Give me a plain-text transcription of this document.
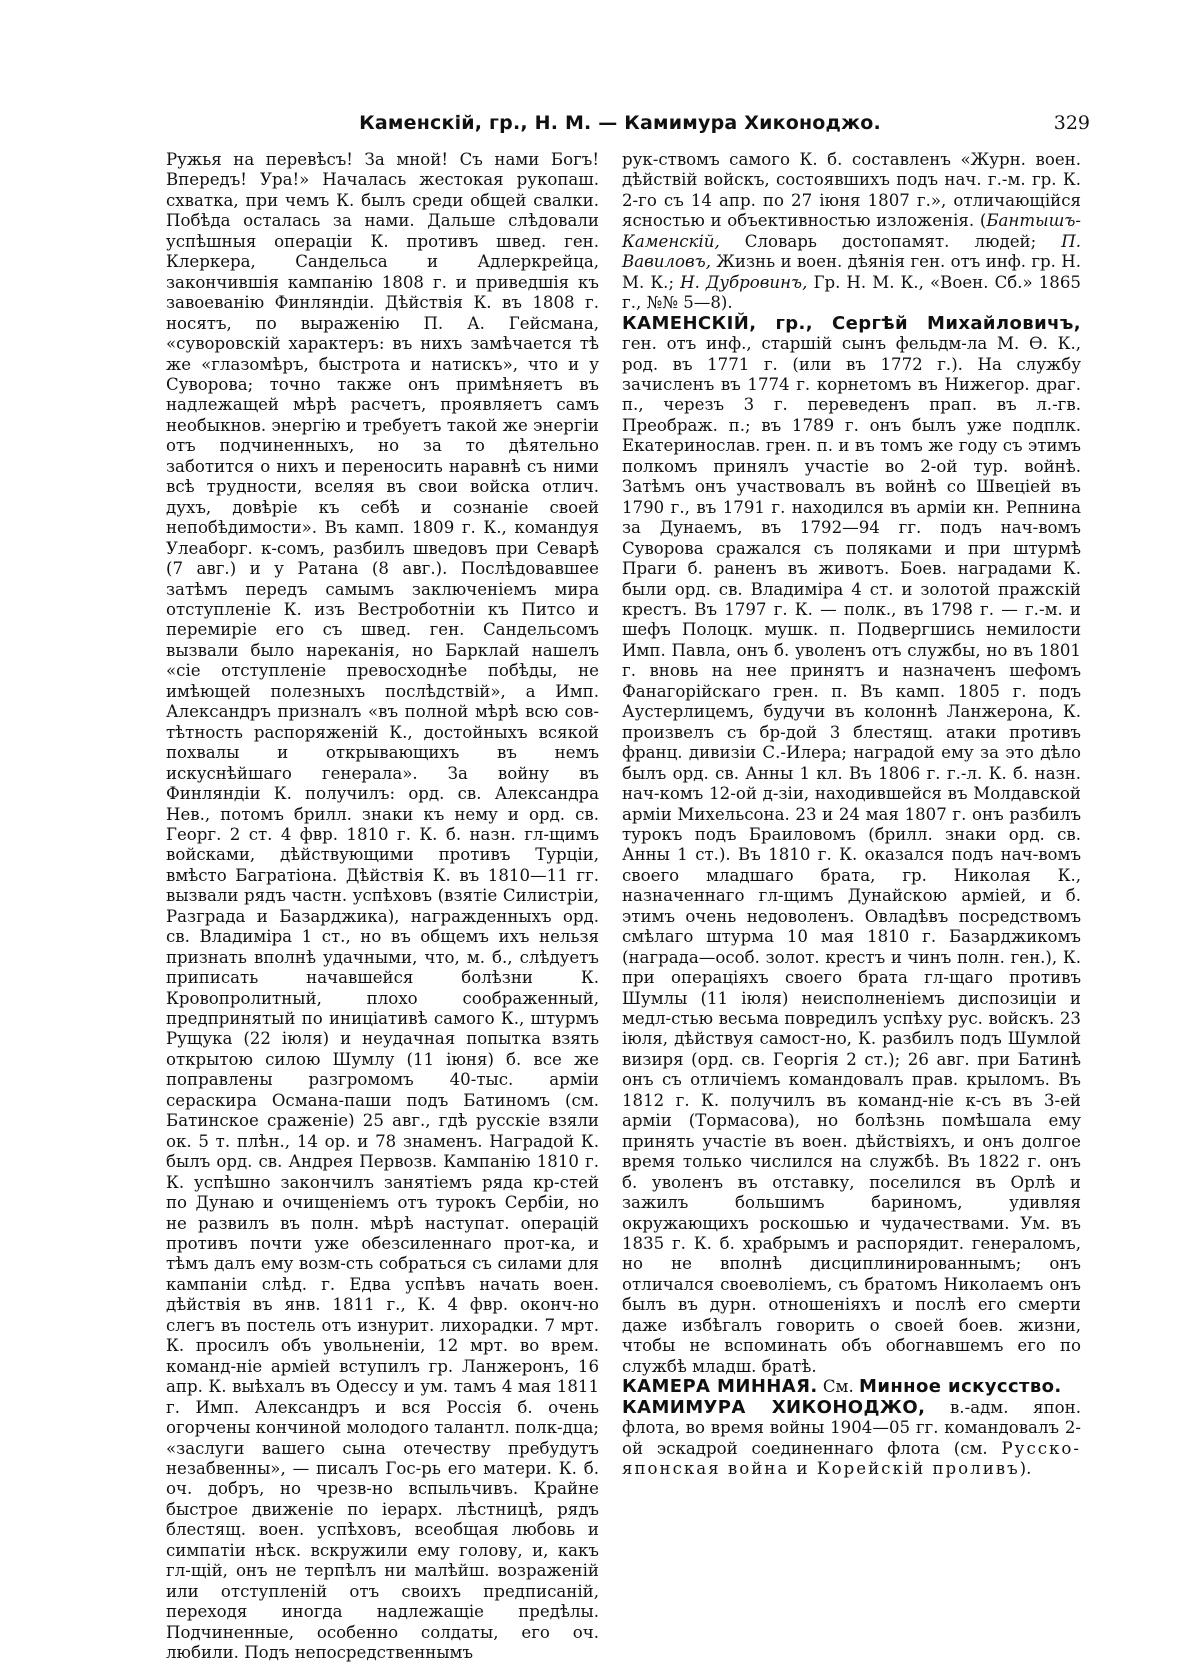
Каменскій, гр., Н. М. — Камимура Хиконоджо.	329

Ружья на перевѣсъ! За мной! Съ нами Богъ! Впередъ! Ура!» Началась жестокая рукопаш. схватка, при чемъ К. былъ среди общей свалки. Побѣда осталась за нами. Дальше слѣдовали успѣшныя операціи К. противъ швед. ген. Клеркера, Сандельса и Адлеркрейца, закончившія кампанію 1808 г. и приведшія къ завоеванію Финляндіи. Дѣйствія К. въ 1808 г. носятъ, по выраженію П. А. Гейсмана, «суворовскій характеръ: въ нихъ замѣчается тѣ же «глазомѣръ, быстрота и натискъ», что и у Суворова; точно также онъ примѣняетъ въ надлежащей мѣрѣ расчетъ, проявляетъ самъ необыкнов. энергію и требуетъ такой же энергіи отъ подчиненныхъ, но за то дѣятельно заботится о нихъ и переносить наравнѣ съ ними всѣ трудности, вселяя въ свои войска отлич. духъ, довѣріе къ себѣ и сознаніе своей непобѣдимости». Въ камп. 1809 г. К., командуя Улеаборг. к-сомъ, разбилъ шведовъ при Севарѣ (7 авг.) и у Ратана (8 авг.). Послѣдовавшее затѣмъ передъ самымъ заключеніемъ мира отступленіе К. изъ Вестроботніи къ Питсо и перемиріе его съ швед. ген. Сандельсомъ вызвали было нареканія, но Барклай нашелъ «сіе отступленіе превосходнѣе побѣды, не имѣющей полезныхъ послѣдствій», а Имп. Александръ призналъ «въ полной мѣрѣ всю сов-тѣтность распоряженій К., достойныхъ всякой похвалы и открывающихъ въ немъ искуснѣйшаго генерала». За войну въ Финляндіи К. получилъ: орд. св. Александра Нев., потомъ брилл. знаки къ нему и орд. св. Георг. 2 ст. 4 фвр. 1810 г. К. б. назн. гл-щимъ войсками, дѣйствующими противъ Турціи, вмѣсто Багратіона. Дѣйствія К. въ 1810—11 гг. вызвали рядъ частн. успѣховъ (взятіе Силистріи, Разграда и Базарджика), награжденныхъ орд. св. Владиміра 1 ст., но въ общемъ ихъ нельзя признать вполнѣ удачными, что, м. б., слѣдуетъ приписать начавшейся болѣзни К. Кровопролитный, плохо соображенный, предпринятый по иниціативѣ самого К., штурмъ Рущука (22 іюля) и неудачная попытка взять открытою силою Шумлу (11 іюня) б. все же поправлены разгромомъ 40-тыс. арміи сераскира Османа-паши подъ Батиномъ (см. Батинское сраженіе) 25 авг., гдѣ русскіе взяли ок. 5 т. плѣн., 14 ор. и 78 знаменъ. Наградой К. былъ орд. св. Андрея Первозв. Кампанію 1810 г. К. успѣшно закончилъ занятіемъ ряда кр-стей по Дунаю и очищеніемъ отъ турокъ Сербіи, но не развилъ въ полн. мѣрѣ наступат. операцій противъ почти уже обезсиленнаго прот-ка, и тѣмъ далъ ему возм-сть собраться съ силами для кампаніи слѣд. г. Едва успѣвъ начать воен. дѣйствія въ янв. 1811 г., К. 4 фвр. оконч-но слегъ въ постель отъ изнурит. лихорадки. 7 мрт. К. просилъ объ увольненіи, 12 мрт. во врем. команд-ніе арміей вступилъ гр. Ланжеронъ, 16 апр. К. выѣхалъ въ Одессу и ум. тамъ 4 мая 1811 г. Имп. Александръ и вся Россія б. очень огорчены кончиной молодого талантл. полк-дца; «заслуги вашего сына отечеству пребудутъ незабвенны», — писалъ Гос-рь его матери. К. б. оч. добръ, но чрезв-но вспыльчивъ. Крайне быстрое движеніе по іерарх. лѣстницѣ, рядъ блестящ. воен. успѣховъ, всеобщая любовь и симпатіи нѣск. вскружили ему голову, и, какъ гл-щій, онъ не терпѣлъ ни малѣйш. возраженій или отступленій отъ своихъ предписаній, переходя иногда надлежащіе предѣлы. Подчиненные, особенно солдаты, его оч. любили. Подъ непосредственнымъ

рук-ствомъ самого К. б. составленъ «Журн. воен. дѣйствій войскъ, состоявшихъ подъ нач. г.-м. гр. К. 2-го съ 14 апр. по 27 іюня 1807 г.», отличающійся ясностью и объективностью изложенія. (Бантышъ-Каменскій, Словарь достопамят. людей; П. Вавиловъ, Жизнь и воен. дѣянія ген. отъ инф. гр. Н. М. К.; Н. Дубровинъ, Гр. Н. М. К., «Воен. Сб.» 1865 г., №№ 5—8).

КАМЕНСКІЙ, гр., Сергѣй Михайловичъ, ген. отъ инф., старшій сынъ фельдм-ла М. Ѳ. К., род. въ 1771 г. (или въ 1772 г.). На службу зачисленъ въ 1774 г. корнетомъ въ Нижегор. драг. п., черезъ 3 г. переведенъ прап. въ л.-гв. Преображ. п.; въ 1789 г. онъ былъ уже подплк. Екатеринослав. грен. п. и въ томъ же году съ этимъ полкомъ принялъ участіе во 2-ой тур. войнѣ. Затѣмъ онъ участвовалъ въ войнѣ со Швеціей въ 1790 г., въ 1791 г. находился въ арміи кн. Репнина за Дунаемъ, въ 1792—94 гг. подъ нач-вомъ Суворова сражался съ поляками и при штурмѣ Праги б. раненъ въ животъ. Боев. наградами К. были орд. св. Владиміра 4 ст. и золотой пражскій крестъ. Въ 1797 г. К. — полк., въ 1798 г. — г.-м. и шефъ Полоцк. мушк. п. Подвергшись немилости Имп. Павла, онъ б. уволенъ отъ службы, но въ 1801 г. вновь на нее принятъ и назначенъ шефомъ Фанагорійскаго грен. п. Въ камп. 1805 г. подъ Аустерлицемъ, будучи въ колоннѣ Ланжерона, К. произвелъ съ бр-дой 3 блестящ. атаки противъ франц. дивизіи С.-Илера; наградой ему за это дѣло былъ орд. св. Анны 1 кл. Въ 1806 г. г.-л. К. б. назн. нач-комъ 12-ой д-зіи, находившейся въ Молдавской арміи Михельсона. 23 и 24 мая 1807 г. онъ разбилъ турокъ подъ Браиловомъ (брилл. знаки орд. св. Анны 1 ст.). Въ 1810 г. К. оказался подъ нач-вомъ своего младшаго брата, гр. Николая К., назначеннаго гл-щимъ Дунайскою арміей, и б. этимъ очень недоволенъ. Овладѣвъ посредствомъ смѣлаго штурма 10 мая 1810 г. Базарджикомъ (награда—особ. золот. крестъ и чинъ полн. ген.), К. при операціяхъ своего брата гл-щаго противъ Шумлы (11 іюля) неисполненіемъ диспозиціи и медл-стью весьма повредилъ успѣху рус. войскъ. 23 іюля, дѣйствуя самост-но, К. разбилъ подъ Шумлой визиря (орд. св. Георгія 2 ст.); 26 авг. при Батинѣ онъ съ отличіемъ командовалъ прав. крыломъ. Въ 1812 г. К. получилъ въ команд-ніе к-съ въ 3-ей арміи (Тормасова), но болѣзнь помѣшала ему принять участіе въ воен. дѣйствіяхъ, и онъ долгое время только числился на службѣ. Въ 1822 г. онъ б. уволенъ въ отставку, поселился въ Орлѣ и зажилъ большимъ бариномъ, удивляя окружающихъ роскошью и чудачествами. Ум. въ 1835 г. К. б. храбрымъ и распорядит. генераломъ, но не вполнѣ дисциплинированнымъ; онъ отличался своеволіемъ, съ братомъ Николаемъ онъ былъ въ дурн. отношеніяхъ и послѣ его смерти даже избѣгалъ говорить о своей боев. жизни, чтобы не вспоминать объ обогнавшемъ его по службѣ младш. братѣ.

КАМЕРА МИННАЯ. См. Минное искусство.

КАМИМУРА ХИКОНОДЖО, в.-адм. япон. флота, во время войны 1904—05 гг. командовалъ 2-ой эскадрой соединеннаго флота (см. Русско-японская война и Корейскій проливъ).
